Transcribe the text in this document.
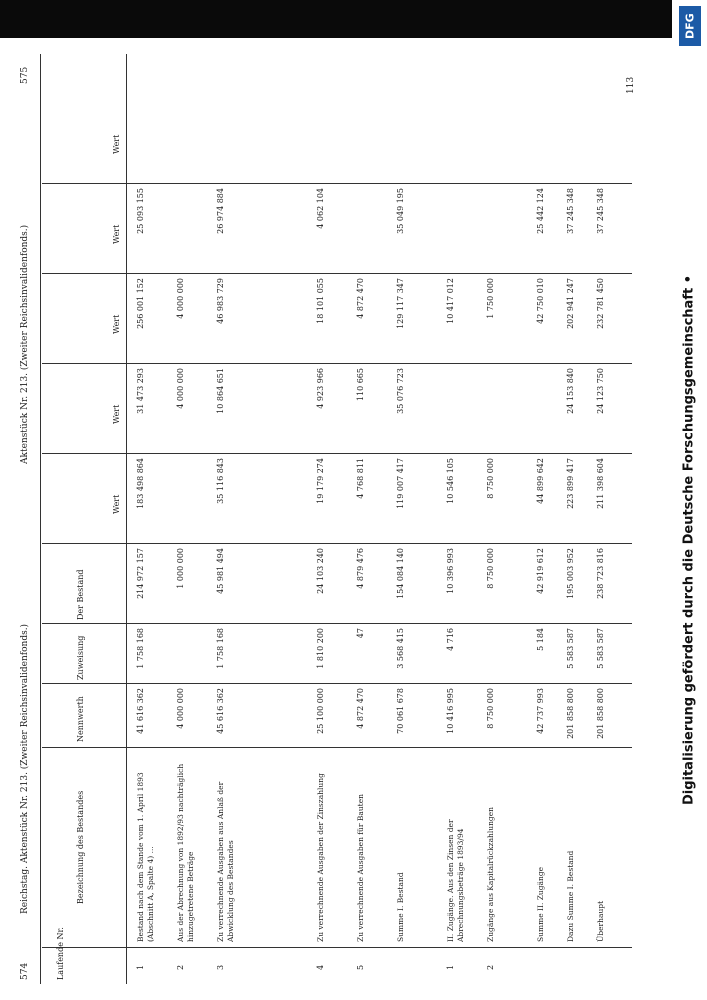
DFG
Digitalisierung gefördert durch die Deutsche Forschungsgemeinschaft •
574
Reichstag. Aktenstück Nr. 213. (Zweiter Reichsinvalidenfonds.)
Aktenstück Nr. 213. (Zweiter Reichsinvalidenfonds.)
575
113
Laufende Nr.
Bezeichnung des Bestandes
Nennwerth
Zuweisung
Der Bestand
Wert
Wert
Wert
Wert
Wert
1
Bestand nach dem Stande vom 1. April 1893 (Abschnitt A, Spalte 4) ...
41 616 362
1 758 168
214 972 157
183 498 864
31 473 293
256 001 152
25 093 155
2
Aus der Abrechnung von 1892/93 nachträglich hinzugetretene Beträge
4 000 000
1 000 000
4 000 000
4 000 000
3
Zu verrechnende Ausgaben aus Anlaß der Abwicklung des Bestandes
45 616 362
1 758 168
45 981 494
35 116 843
10 864 651
46 983 729
26 974 884
4
Zu verrechnende Ausgaben der Zinszahlung
25 100 000
1 810 200
24 103 240
19 179 274
4 923 966
18 101 055
4 062 104
5
Zu verrechnende Ausgaben für Bauten
4 872 470
47
4 879 476
4 768 811
110 665
4 872 470
Summe I. Bestand
70 061 678
3 568 415
154 084 140
119 007 417
35 076 723
129 117 347
35 049 195
1
II. Zugänge. Aus den Zinsen der Abrechnungsbeträge 1893/94
10 416 995
4 716
10 396 993
10 546 105
10 417 012
2
Zugänge aus Kapitalrückzahlungen
8 750 000
8 750 000
8 750 000
1 750 000
Summe II. Zugänge
42 737 993
5 184
42 919 612
44 899 642
42 750 010
25 442 124
Dazu Summe I. Bestand
201 858 800
5 583 587
195 003 952
223 899 417
24 153 840
202 941 247
37 245 348
Überhaupt
201 858 800
5 583 587
238 723 816
211 398 604
24 123 750
232 781 450
37 245 348
